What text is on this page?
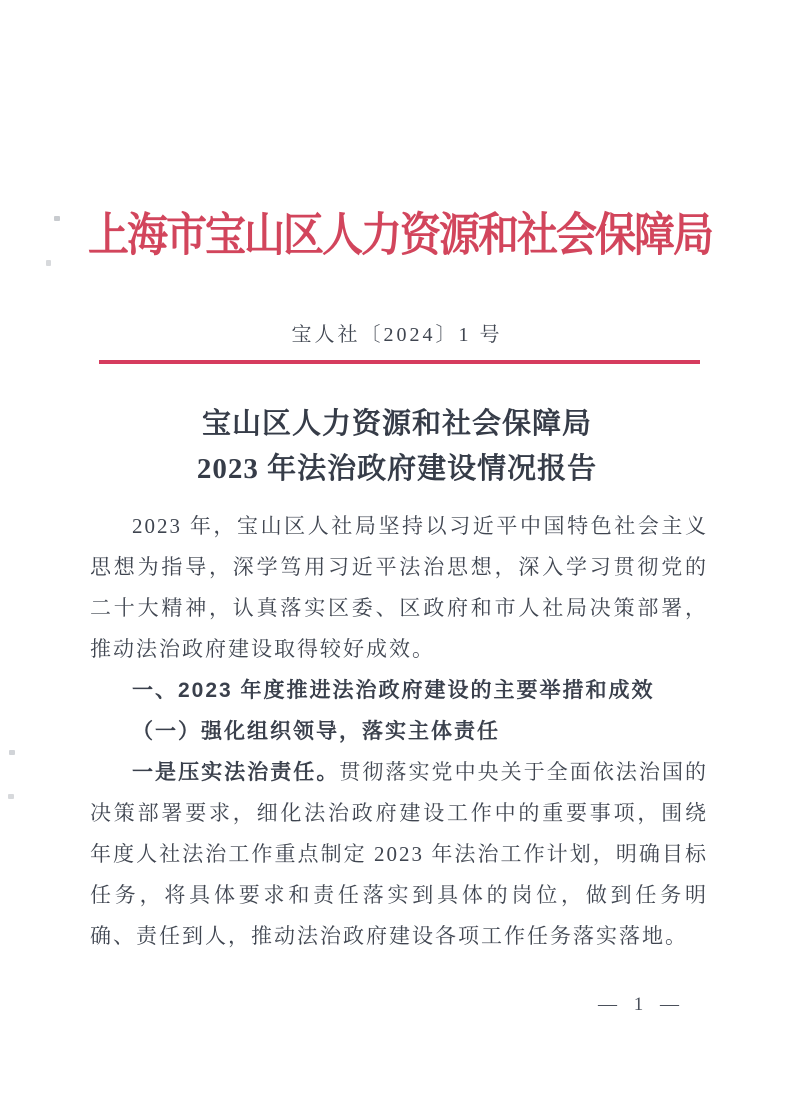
上海市宝山区人力资源和社会保障局
宝人社〔2024〕1 号
宝山区人力资源和社会保障局
2023 年法治政府建设情况报告

2023 年，宝山区人社局坚持以习近平中国特色社会主义思想为指导，深学笃用习近平法治思想，深入学习贯彻党的二十大精神，认真落实区委、区政府和市人社局决策部署，推动法治政府建设取得较好成效。

一、2023 年度推进法治政府建设的主要举措和成效

（一）强化组织领导，落实主体责任

一是压实法治责任。贯彻落实党中央关于全面依法治国的决策部署要求，细化法治政府建设工作中的重要事项，围绕年度人社法治工作重点制定 2023 年法治工作计划，明确目标任务，将具体要求和责任落实到具体的岗位，做到任务明确、责任到人，推动法治政府建设各项工作任务落实落地。

— 1 —
